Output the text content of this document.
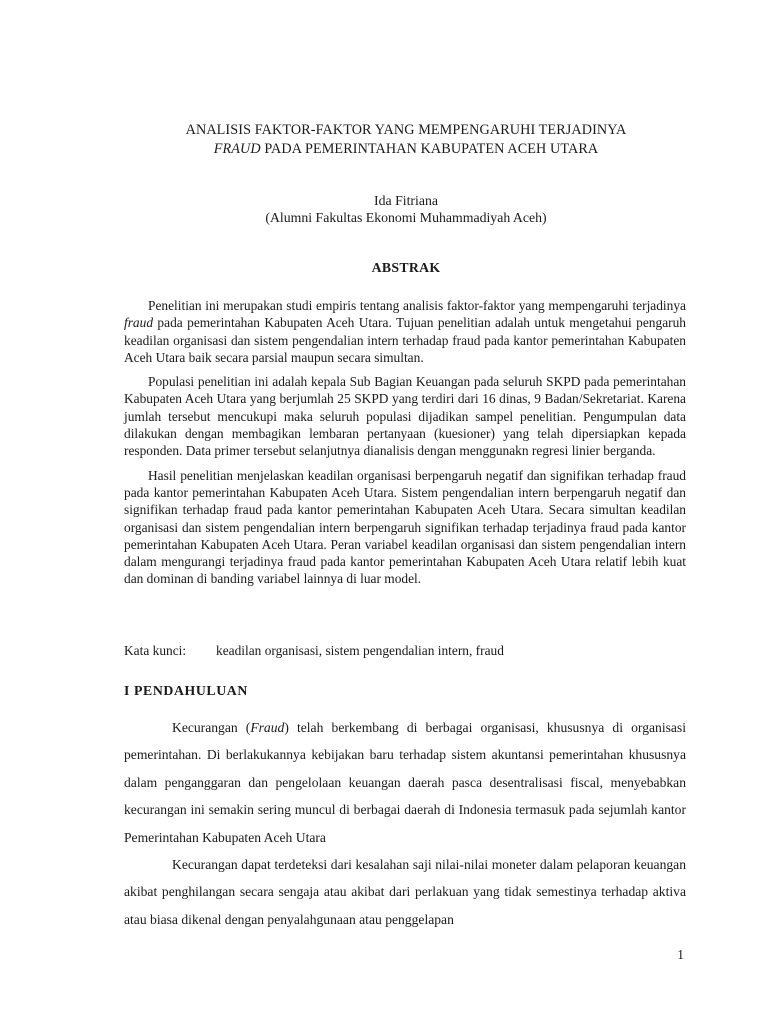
ANALISIS FAKTOR-FAKTOR YANG MEMPENGARUHI TERJADINYA
FRAUD PADA PEMERINTAHAN KABUPATEN ACEH UTARA
Ida Fitriana
(Alumni Fakultas Ekonomi Muhammadiyah Aceh)
ABSTRAK

Penelitian ini merupakan studi empiris tentang analisis faktor-faktor yang mempengaruhi terjadinya fraud pada pemerintahan Kabupaten Aceh Utara. Tujuan penelitian adalah untuk mengetahui pengaruh keadilan organisasi dan sistem pengendalian intern terhadap fraud pada kantor pemerintahan Kabupaten Aceh Utara baik secara parsial maupun secara simultan.

Populasi penelitian ini adalah kepala Sub Bagian Keuangan pada seluruh SKPD pada pemerintahan Kabupaten Aceh Utara yang berjumlah 25 SKPD yang terdiri dari 16 dinas, 9 Badan/Sekretariat. Karena jumlah tersebut mencukupi maka seluruh populasi dijadikan sampel penelitian. Pengumpulan data dilakukan dengan membagikan lembaran pertanyaan (kuesioner) yang telah dipersiapkan kepada responden. Data primer tersebut selanjutnya dianalisis dengan menggunakn regresi linier berganda.

Hasil penelitian menjelaskan keadilan organisasi berpengaruh negatif dan signifikan terhadap fraud pada kantor pemerintahan Kabupaten Aceh Utara. Sistem pengendalian intern berpengaruh negatif dan signifikan terhadap fraud pada kantor pemerintahan Kabupaten Aceh Utara. Secara simultan keadilan organisasi dan sistem pengendalian intern berpengaruh signifikan terhadap terjadinya fraud pada kantor pemerintahan Kabupaten Aceh Utara. Peran variabel keadilan organisasi dan sistem pengendalian intern dalam mengurangi terjadinya fraud pada kantor pemerintahan Kabupaten Aceh Utara relatif lebih kuat dan dominan di banding variabel lainnya di luar model.

Kata kunci: keadilan organisasi, sistem pengendalian intern, fraud
I PENDAHULUAN

Kecurangan (Fraud) telah berkembang di berbagai organisasi, khususnya di organisasi pemerintahan. Di berlakukannya kebijakan baru terhadap sistem akuntansi pemerintahan khususnya dalam penganggaran dan pengelolaan keuangan daerah pasca desentralisasi fiscal, menyebabkan kecurangan ini semakin sering muncul di berbagai daerah di Indonesia termasuk pada sejumlah kantor Pemerintahan Kabupaten Aceh Utara

Kecurangan dapat terdeteksi dari kesalahan saji nilai-nilai moneter dalam pelaporan keuangan akibat penghilangan secara sengaja atau akibat dari perlakuan yang tidak semestinya terhadap aktiva atau biasa dikenal dengan penyalahgunaan atau penggelapan

1
